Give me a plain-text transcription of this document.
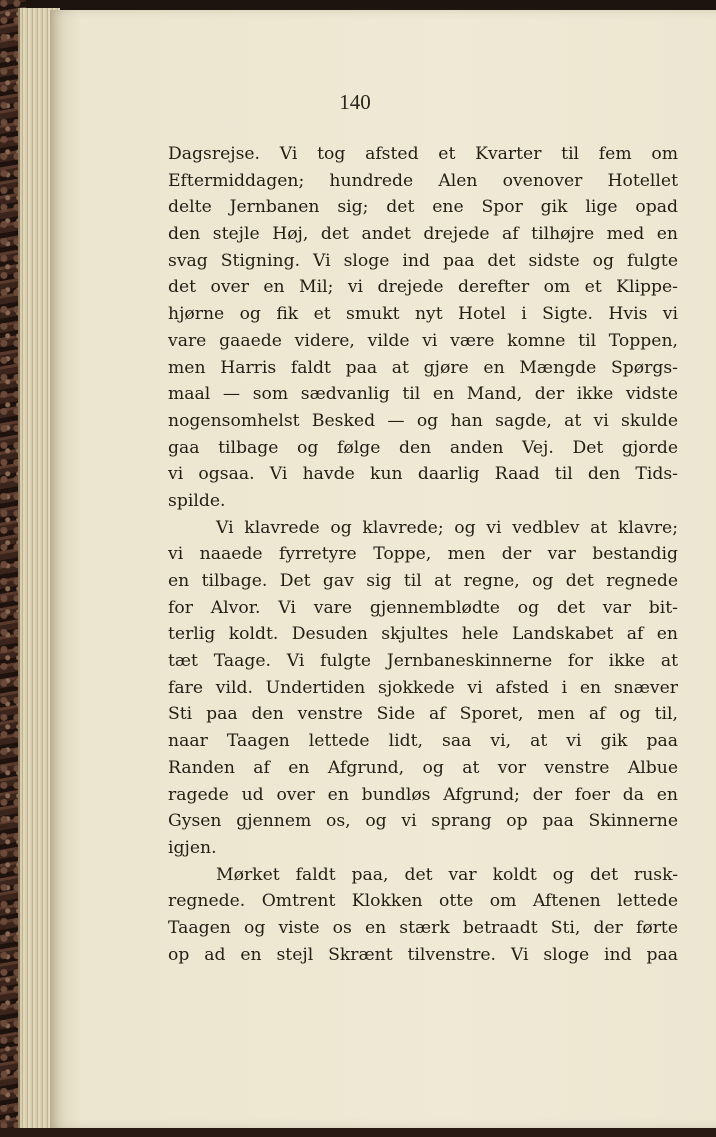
140
Dagsrejse. Vi tog afsted et Kvarter til fem om
Eftermiddagen; hundrede Alen ovenover Hotellet
delte Jernbanen sig; det ene Spor gik lige opad
den stejle Høj, det andet drejede af tilhøjre med en
svag Stigning. Vi sloge ind paa det sidste og fulgte
det over en Mil; vi drejede derefter om et Klippe-
hjørne og fik et smukt nyt Hotel i Sigte. Hvis vi
vare gaaede videre, vilde vi være komne til Toppen,
men Harris faldt paa at gjøre en Mængde Spørgs-
maal — som sædvanlig til en Mand, der ikke vidste
nogensomhelst Besked — og han sagde, at vi skulde
gaa tilbage og følge den anden Vej. Det gjorde
vi ogsaa. Vi havde kun daarlig Raad til den Tids-
spilde.
Vi klavrede og klavrede; og vi vedblev at klavre;
vi naaede fyrretyre Toppe, men der var bestandig
en tilbage. Det gav sig til at regne, og det regnede
for Alvor. Vi vare gjennemblødte og det var bit-
terlig koldt. Desuden skjultes hele Landskabet af en
tæt Taage. Vi fulgte Jernbaneskinnerne for ikke at
fare vild. Undertiden sjokkede vi afsted i en snæver
Sti paa den venstre Side af Sporet, men af og til,
naar Taagen lettede lidt, saa vi, at vi gik paa
Randen af en Afgrund, og at vor venstre Albue
ragede ud over en bundløs Afgrund; der foer da en
Gysen gjennem os, og vi sprang op paa Skinnerne
igjen.
Mørket faldt paa, det var koldt og det rusk-
regnede. Omtrent Klokken otte om Aftenen lettede
Taagen og viste os en stærk betraadt Sti, der førte
op ad en stejl Skrænt tilvenstre. Vi sloge ind paa
